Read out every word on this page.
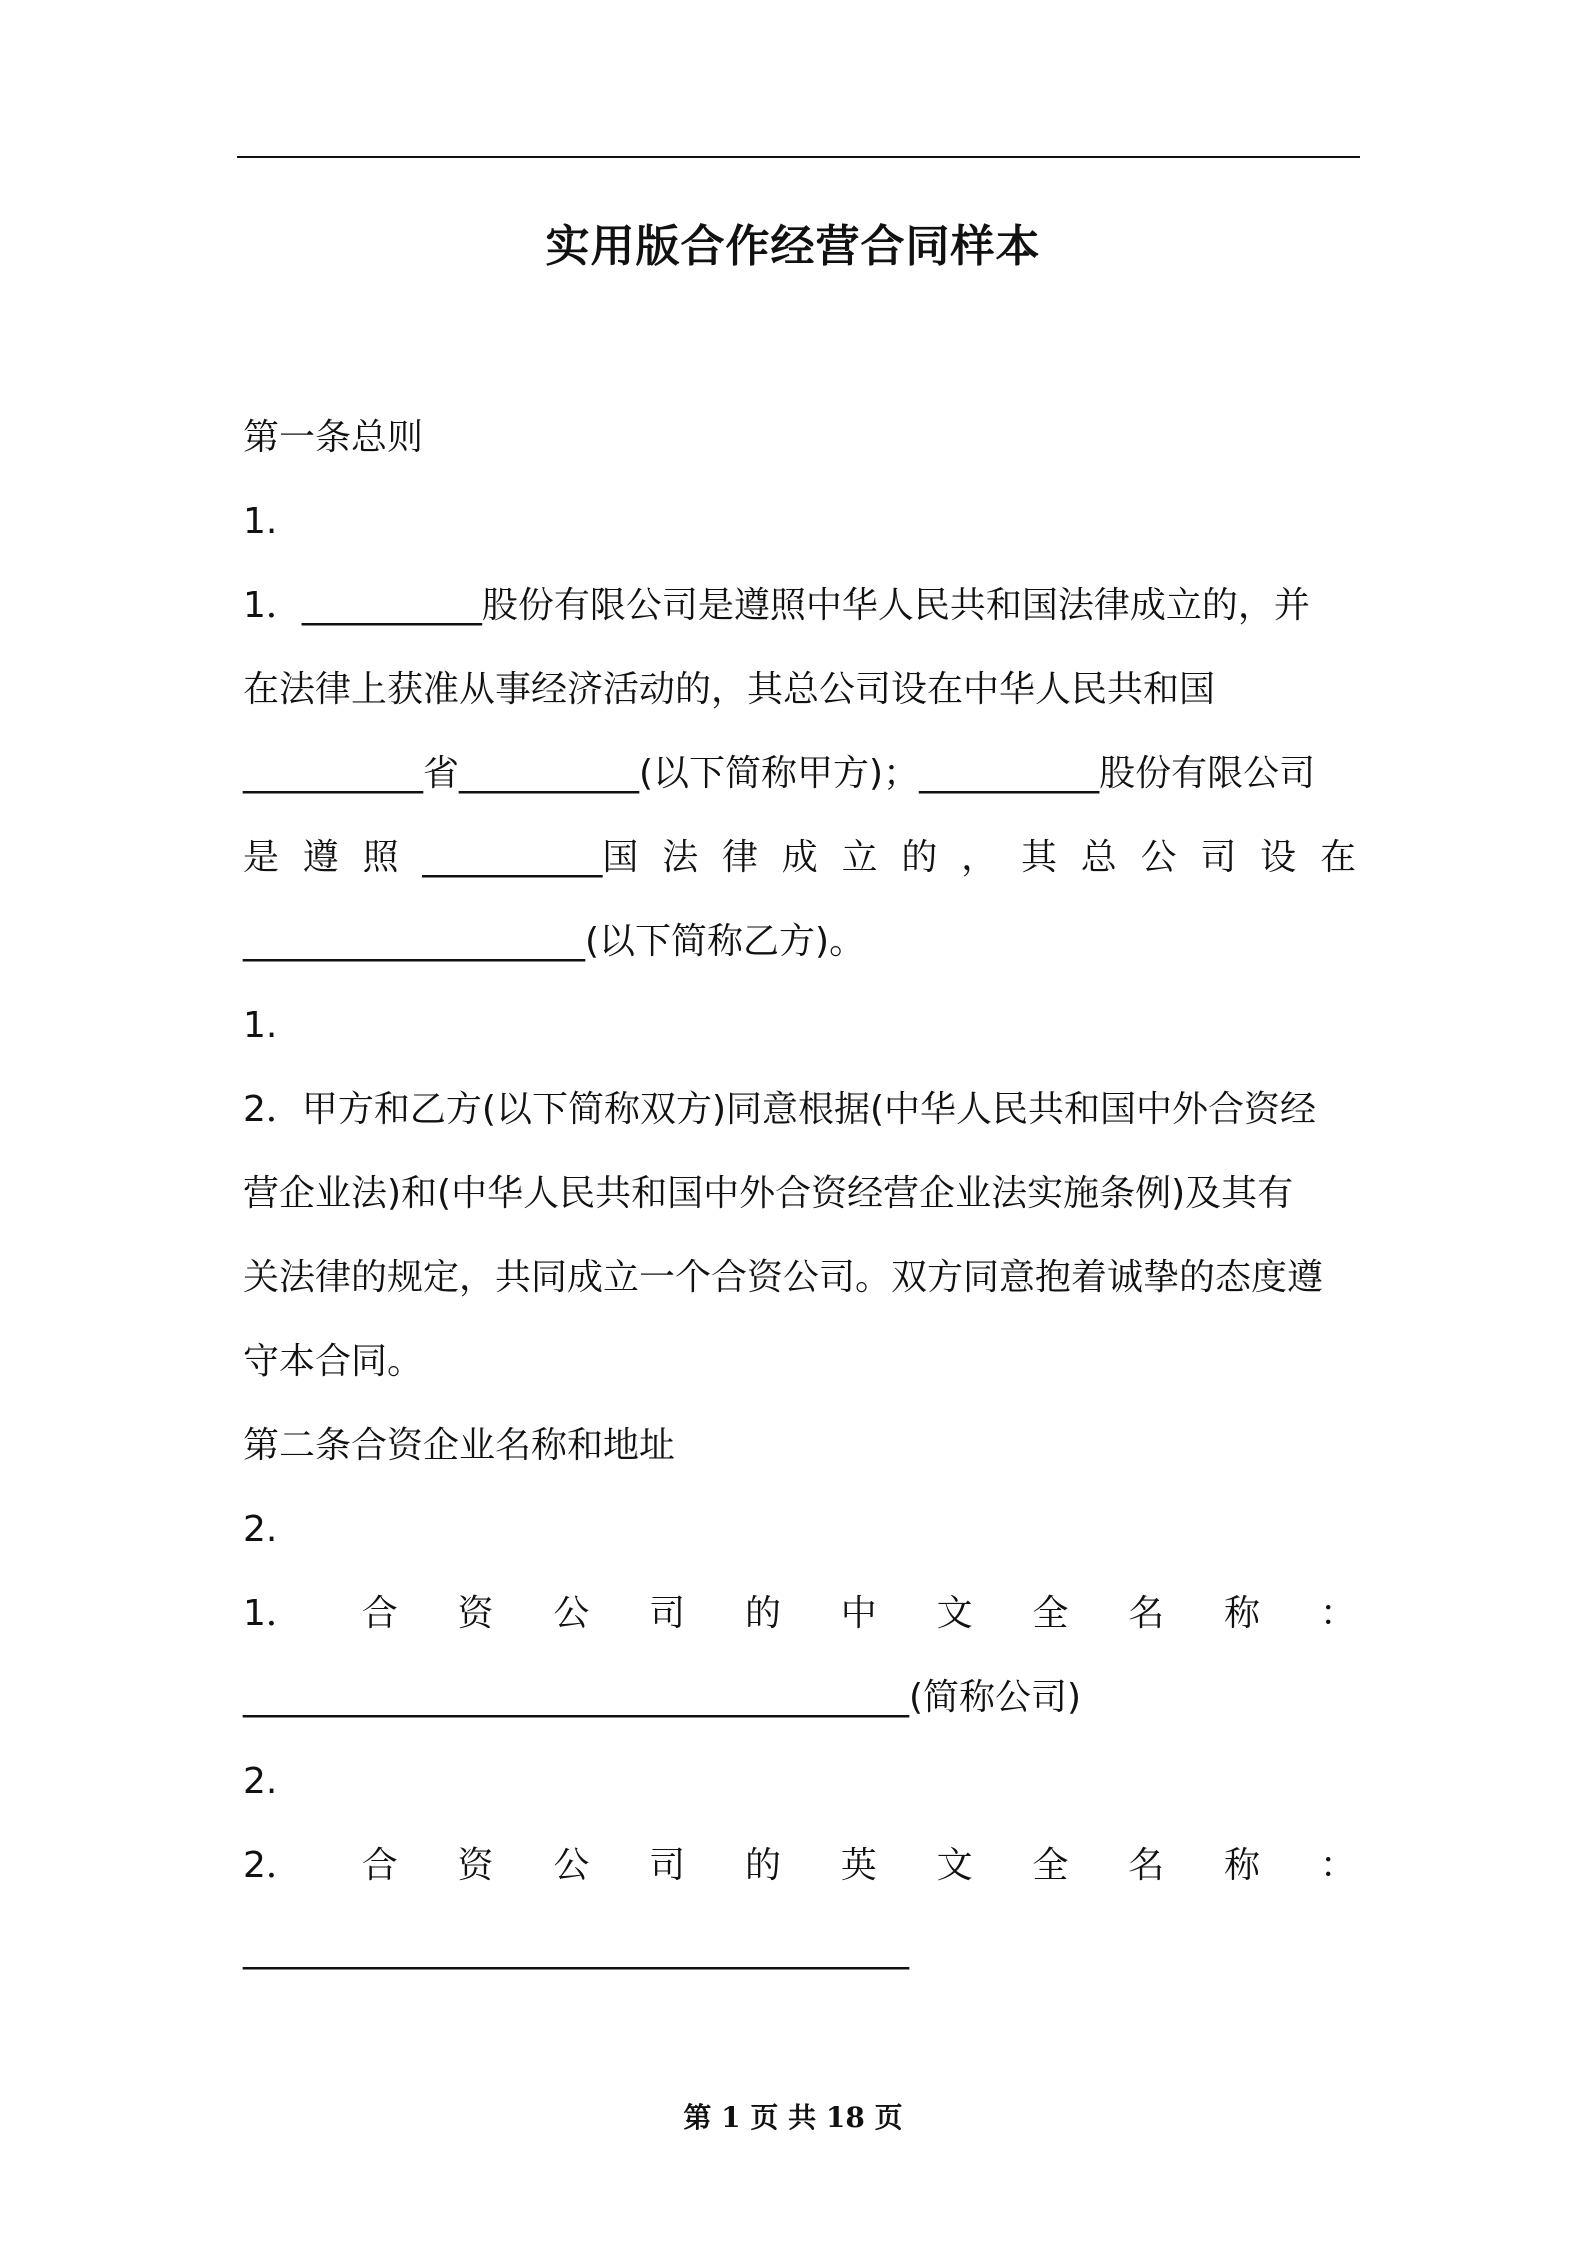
实用版合作经营合同样本
第一条总则
1.
1．__________股份有限公司是遵照中华人民共和国法律成立的，并
在法律上获准从事经济活动的，其总公司设在中华人民共和国
__________省__________(以下简称甲方)；__________股份有限公司
是 遵 照 __________国 法 律 成 立 的 ， 其 总 公 司 设 在
___________________(以下简称乙方)。
1.
2．甲方和乙方(以下简称双方)同意根据(中华人民共和国中外合资经
营企业法)和(中华人民共和国中外合资经营企业法实施条例)及其有
关法律的规定，共同成立一个合资公司。双方同意抱着诚挚的态度遵
守本合同。
第二条合资企业名称和地址
2.
1． 合 资 公 司 的 中 文 全 名 称 ：
_____________________________________(简称公司)
2.
2． 合 资 公 司 的 英 文 全 名 称 ：
_____________________________________
第 1 页 共 18 页
